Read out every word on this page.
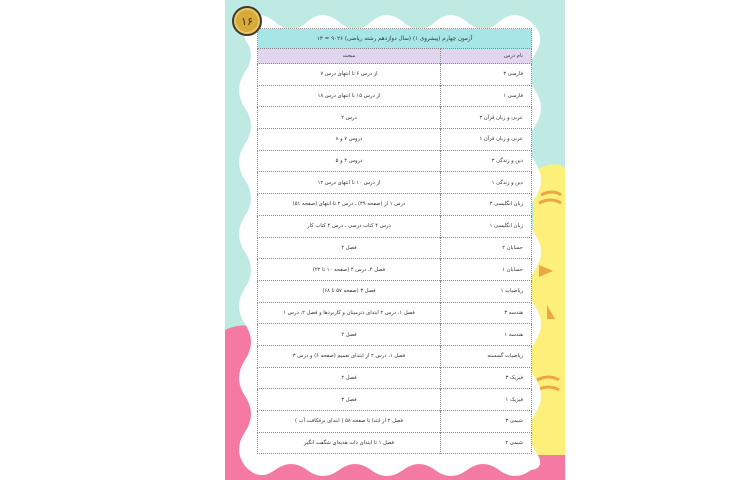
۱۶
آزمون چهارم (پیشروی ۱) (سال دوازدهم رشته ریاضی) ۹۰۲۶ = ۱۴	
نام درس	مبحث
فارسی ۳	از درس ۶ تا انتهای درس ۷
فارسی ۱	از درس ۱۵ تا انتهای درس ۱۸
عربی و زبان قرآن ۳	درس ۲
عربی و زبان قرآن ۱	دروس ۷ و ۸
دین و زندگی ۳	دروس ۴ و ۵
دین و زندگی ۱	از درس ۱۰ تا انتهای درس ۱۲
زبان انگلیسی ۳	درس ۱ از (صفحه ۳۹) ـ درس ۲ تا انتهای (صفحه ۵۱)
زبان انگلیسی ۱	درس ۴ کتاب درسی ـ درس ۴ کتاب کار
حسابان ۲	فصل ۲
حسابان ۱	فصل ۴، درس ۴ (صفحه ۱۰ تا ۲۲)
ریاضیات ۱	فصل ۳ (صفحه ۵۷ تا ۶۸)
هندسه ۳	فصل ۱، درس ۲ ابتدای دترمینان و کاربردها و فصل ۲، درس ۱
هندسه ۱	فصل ۴
ریاضیات گسسته	فصل ۱، درس ۲ از ابتدای تعمیم (صفحه ۶) و درس ۳
فیزیک ۳	فصل ۲
فیزیک ۱	فصل ۳
شیمی ۳	فصل ۲ از ابتدا تا صفحه ۵۸ ( ابتدای برقکافت آب )
شیمی ۲	فصل ۱ تا ابتدای ذات هدیه‌ای شگفت انگیز
